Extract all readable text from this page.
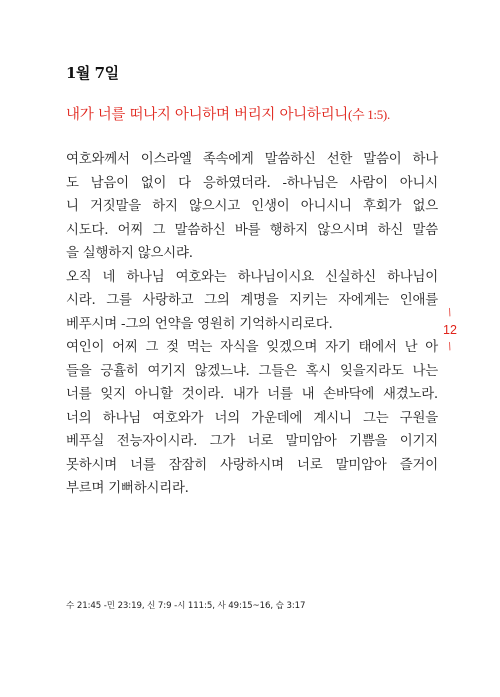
1월 7일
내가 너를 떠나지 아니하며 버리지 아니하리니(수 1:5).
여호와께서 이스라엘 족속에게 말씀하신 선한 말씀이 하나
도 남음이 없이 다 응하였더라. -하나님은 사람이 아니시
니 거짓말을 하지 않으시고 인생이 아니시니 후회가 없으
시도다. 어찌 그 말씀하신 바를 행하지 않으시며 하신 말씀
을 실행하지 않으시랴.
오직 네 하나님 여호와는 하나님이시요 신실하신 하나님이
시라. 그를 사랑하고 그의 계명을 지키는 자에게는 인애를
베푸시며 -그의 언약을 영원히 기억하시리로다.
여인이 어찌 그 젖 먹는 자식을 잊겠으며 자기 태에서 난 아
들을 긍휼히 여기지 않겠느냐. 그들은 혹시 잊을지라도 나는
너를 잊지 아니할 것이라. 내가 너를 내 손바닥에 새겼노라.
너의 하나님 여호와가 너의 가운데에 계시니 그는 구원을
베푸실 전능자이시라. 그가 너로 말미암아 기쁨을 이기지
못하시며 너를 잠잠히 사랑하시며 너로 말미암아 즐거이
부르며 기뻐하시리라.
/
12
/
수 21:45 -민 23:19, 신 7:9 -시 111:5, 사 49:15~16, 습 3:17
